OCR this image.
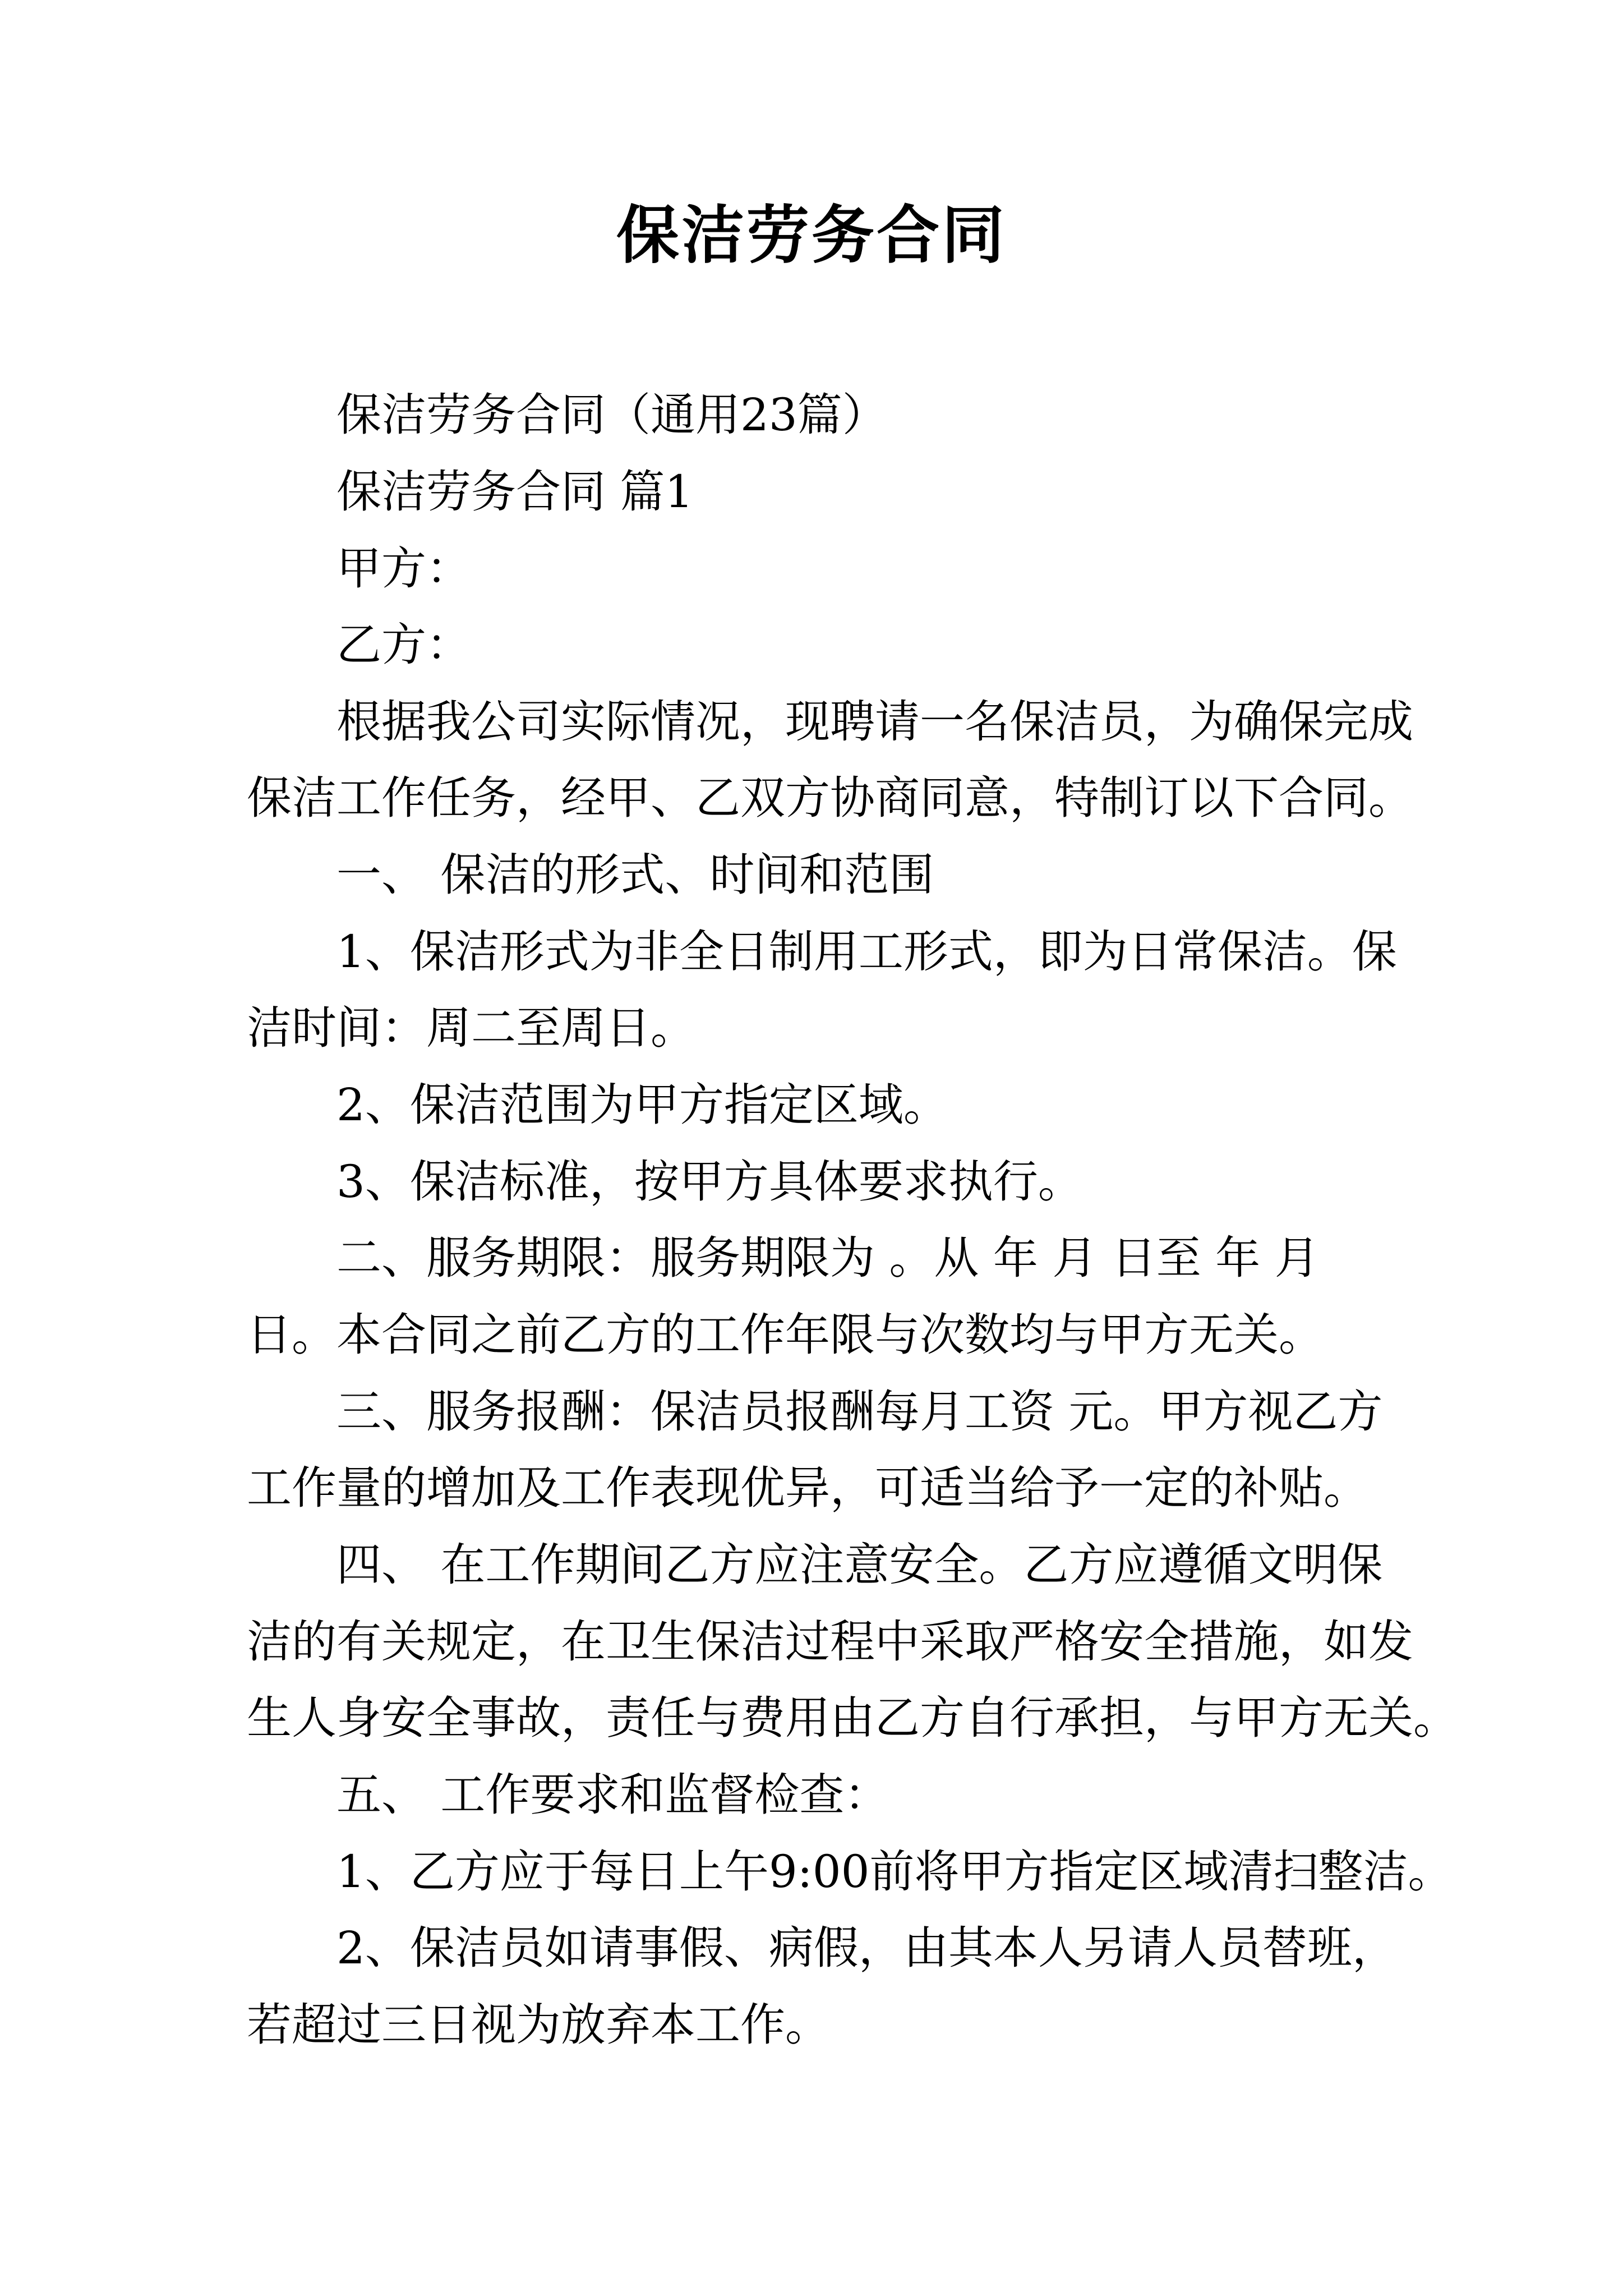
保洁劳务合同

保洁劳务合同（通用23篇）

保洁劳务合同 篇1

甲方：

乙方：

根据我公司实际情况，现聘请一名保洁员，为确保完成

保洁工作任务，经甲、乙双方协商同意，特制订以下合同。

一、 保洁的形式、时间和范围

1、保洁形式为非全日制用工形式，即为日常保洁。保

洁时间：周二至周日。

2、保洁范围为甲方指定区域。

3、保洁标准，按甲方具体要求执行。

二、服务期限：服务期限为 。从 年 月 日至 年 月

日。本合同之前乙方的工作年限与次数均与甲方无关。

三、服务报酬：保洁员报酬每月工资 元。甲方视乙方

工作量的增加及工作表现优异，可适当给予一定的补贴。

四、 在工作期间乙方应注意安全。乙方应遵循文明保

洁的有关规定，在卫生保洁过程中采取严格安全措施，如发

生人身安全事故，责任与费用由乙方自行承担，与甲方无关。

五、 工作要求和监督检查：

1、乙方应于每日上午9:00前将甲方指定区域清扫整洁。

2、保洁员如请事假、病假，由其本人另请人员替班，

若超过三日视为放弃本工作。
